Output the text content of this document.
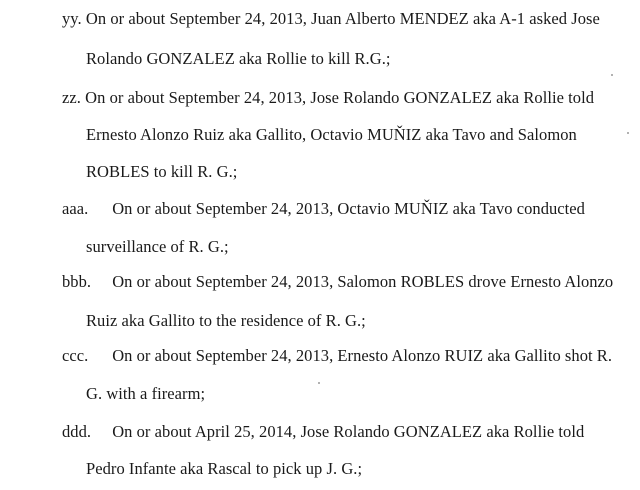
yy. On or about September 24, 2013, Juan Alberto MENDEZ aka A-1 asked Jose
Rolando GONZALEZ aka Rollie to kill R.G.;
zz. On or about September 24, 2013, Jose Rolando GONZALEZ aka Rollie told
Ernesto Alonzo Ruiz aka Gallito, Octavio MUŇIZ aka Tavo and Salomon
ROBLES to kill R. G.;
aaa. On or about September 24, 2013, Octavio MUŇIZ aka Tavo conducted
surveillance of R. G.;
bbb. On or about September 24, 2013, Salomon ROBLES drove Ernesto Alonzo
Ruiz aka Gallito to the residence of R. G.;
ccc. On or about September 24, 2013, Ernesto Alonzo RUIZ aka Gallito shot R.
G. with a firearm;
ddd. On or about April 25, 2014, Jose Rolando GONZALEZ aka Rollie told
Pedro Infante aka Rascal to pick up J. G.;
